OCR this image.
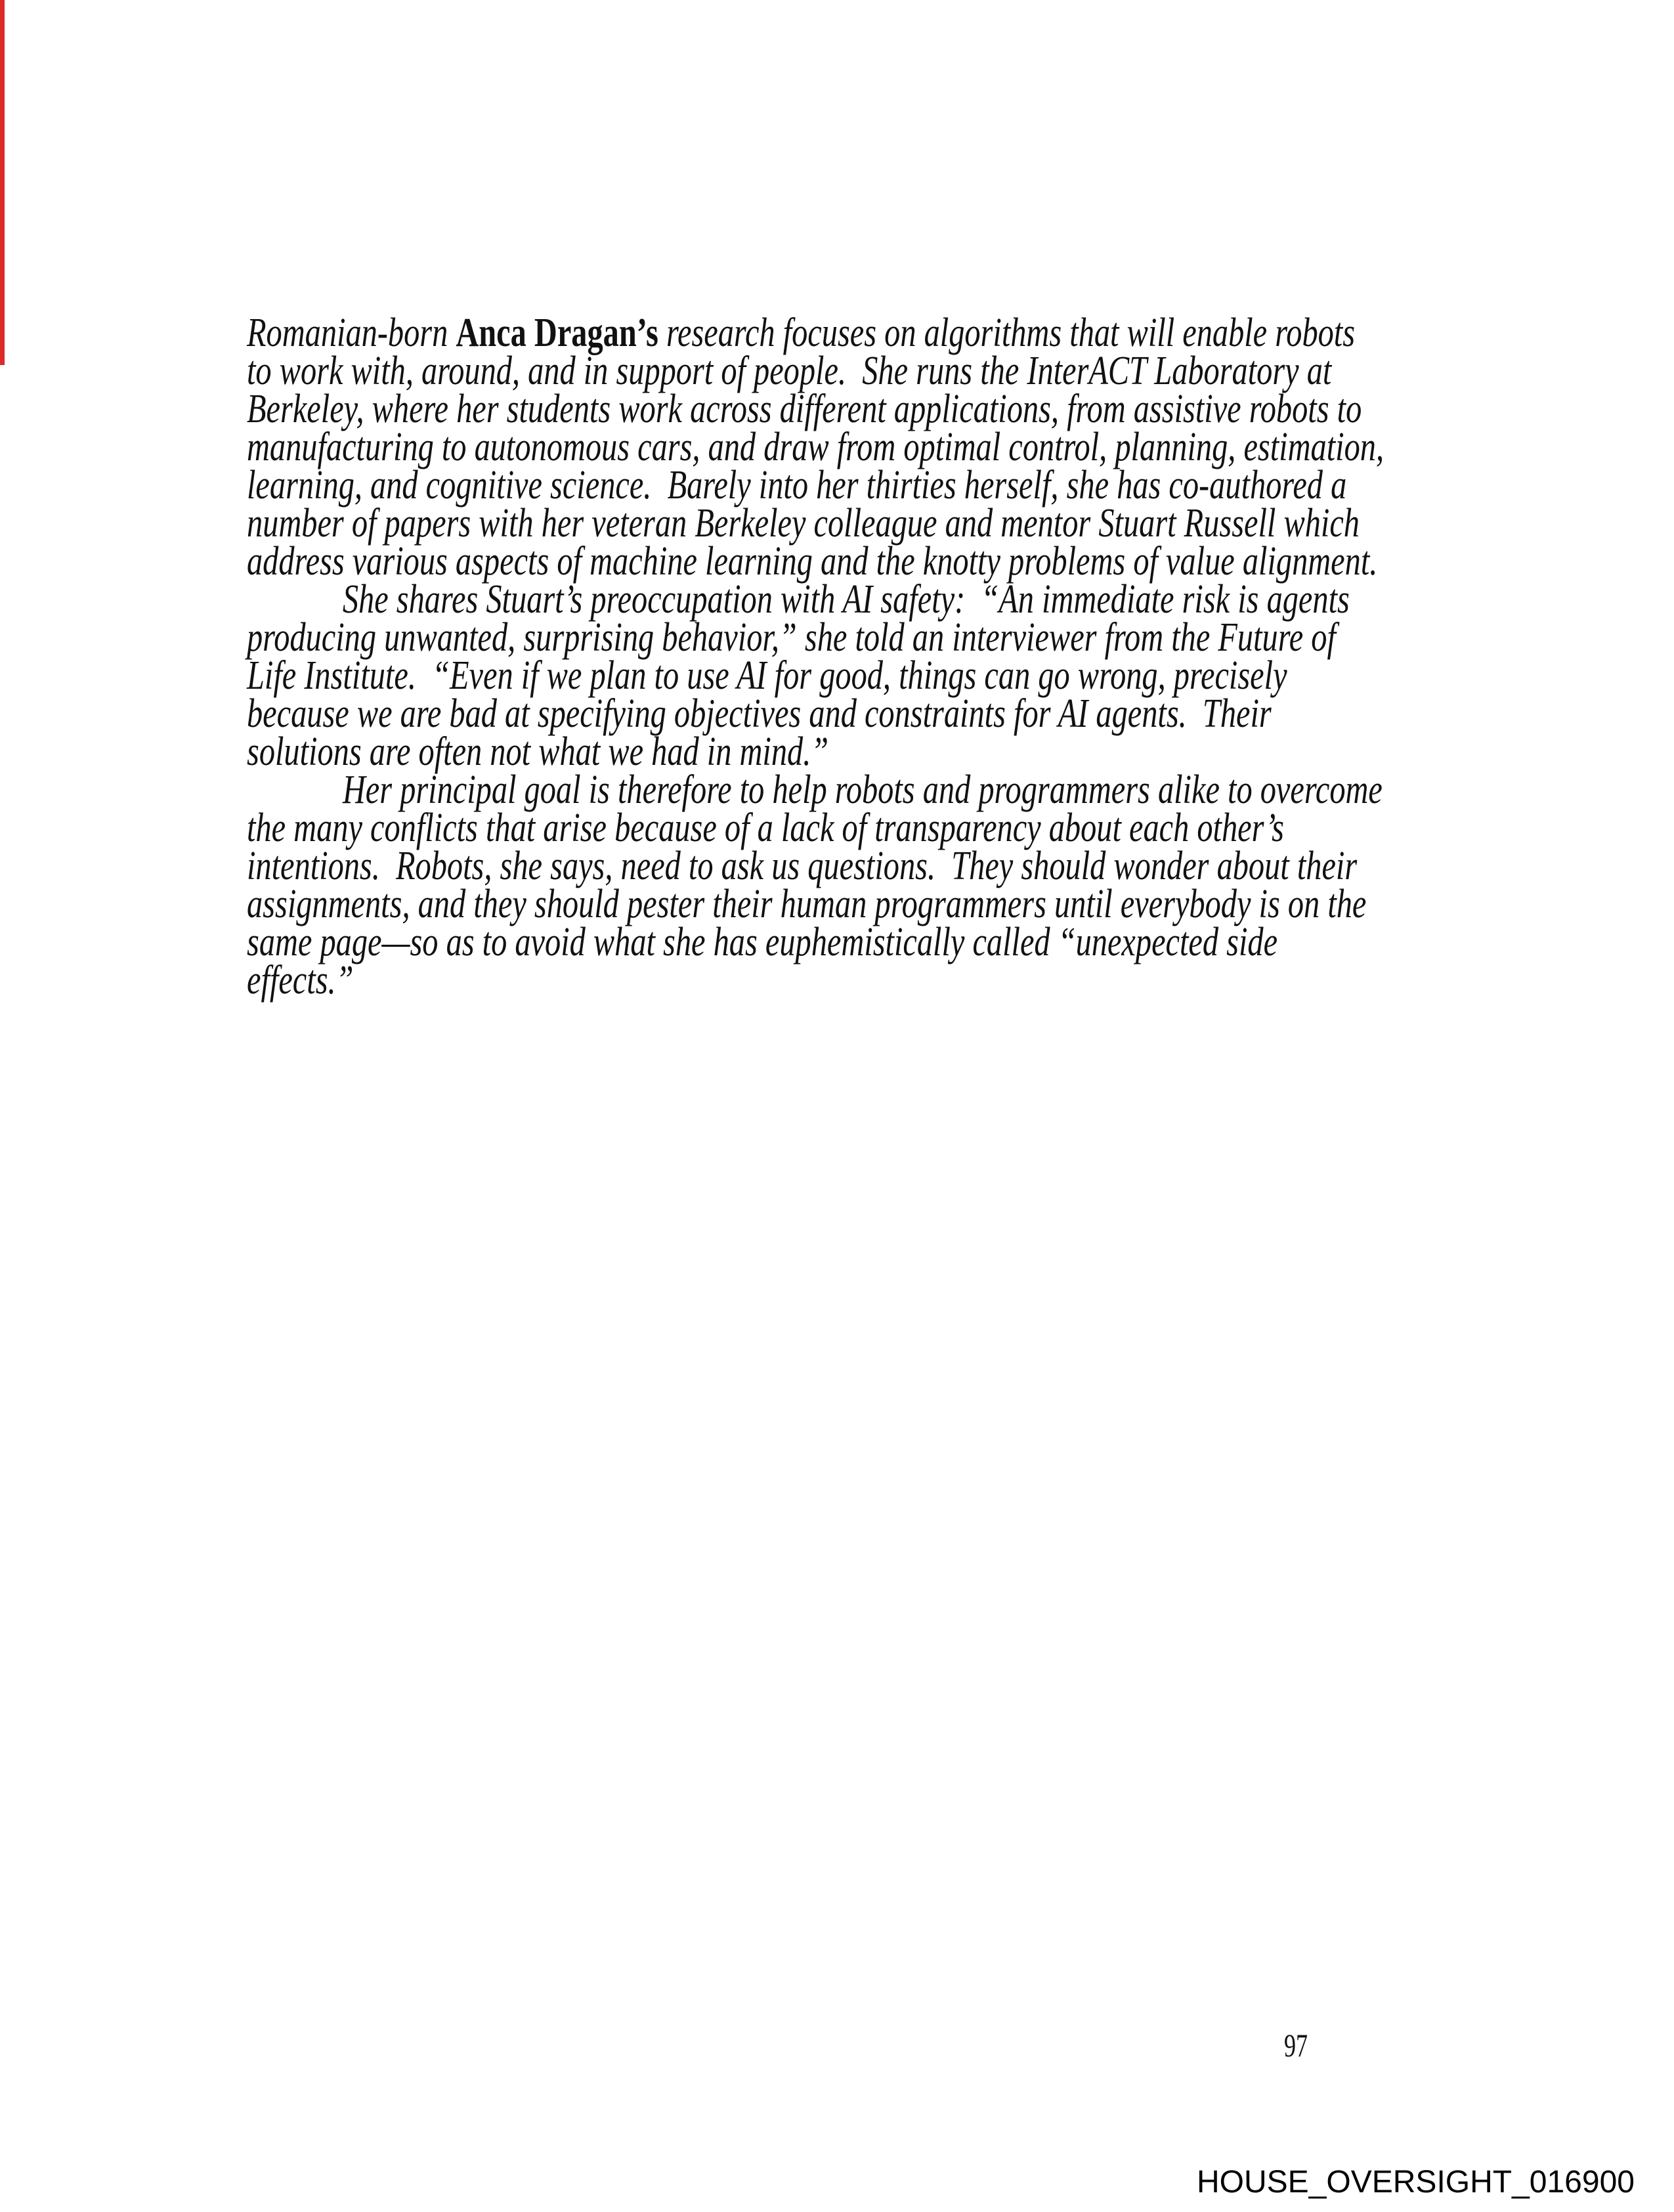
Romanian-born Anca Dragan’s research focuses on algorithms that will enable robots
to work with, around, and in support of people.  She runs the InterACT Laboratory at
Berkeley, where her students work across different applications, from assistive robots to
manufacturing to autonomous cars, and draw from optimal control, planning, estimation,
learning, and cognitive science.  Barely into her thirties herself, she has co-authored a
number of papers with her veteran Berkeley colleague and mentor Stuart Russell which
address various aspects of machine learning and the knotty problems of value alignment.
She shares Stuart’s preoccupation with AI safety:  “An immediate risk is agents
producing unwanted, surprising behavior,” she told an interviewer from the Future of
Life Institute.  “Even if we plan to use AI for good, things can go wrong, precisely
because we are bad at specifying objectives and constraints for AI agents.  Their
solutions are often not what we had in mind.”
Her principal goal is therefore to help robots and programmers alike to overcome
the many conflicts that arise because of a lack of transparency about each other’s
intentions.  Robots, she says, need to ask us questions.  They should wonder about their
assignments, and they should pester their human programmers until everybody is on the
same page—so as to avoid what she has euphemistically called “unexpected side
effects.”
97
HOUSE_OVERSIGHT_016900
